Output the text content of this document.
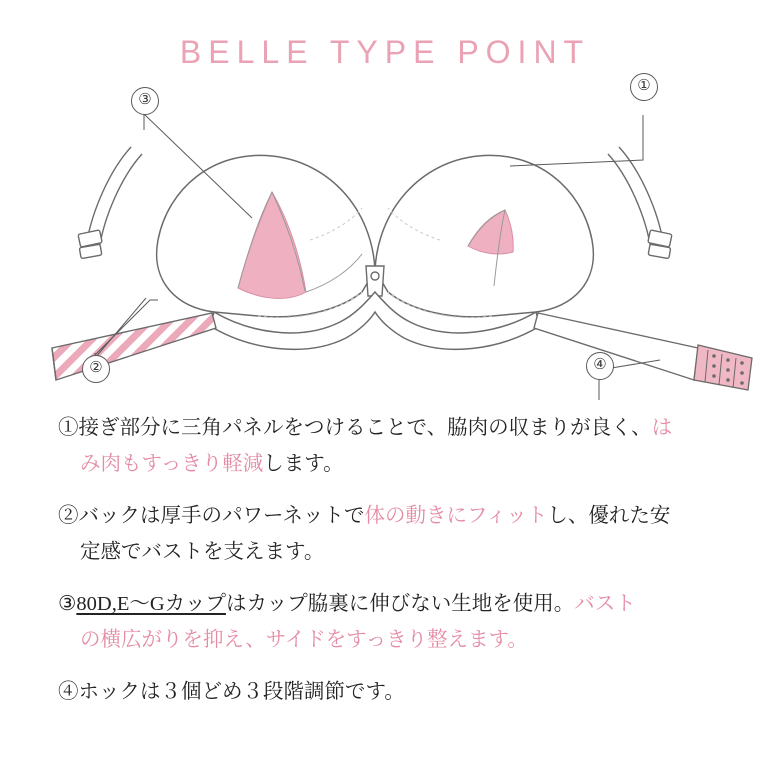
BELLE TYPE POINT
①
②
③
④
①接ぎ部分に三角パネルをつけることで、脇肉の収まりが良く、は
み肉もすっきり軽減します。
②バックは厚手のパワーネットで体の動きにフィットし、優れた安
定感でバストを支えます。
③80D,E～Gカップはカップ脇裏に伸びない生地を使用。バスト
の横広がりを抑え、サイドをすっきり整えます。
④ホックは３個どめ３段階調節です。
